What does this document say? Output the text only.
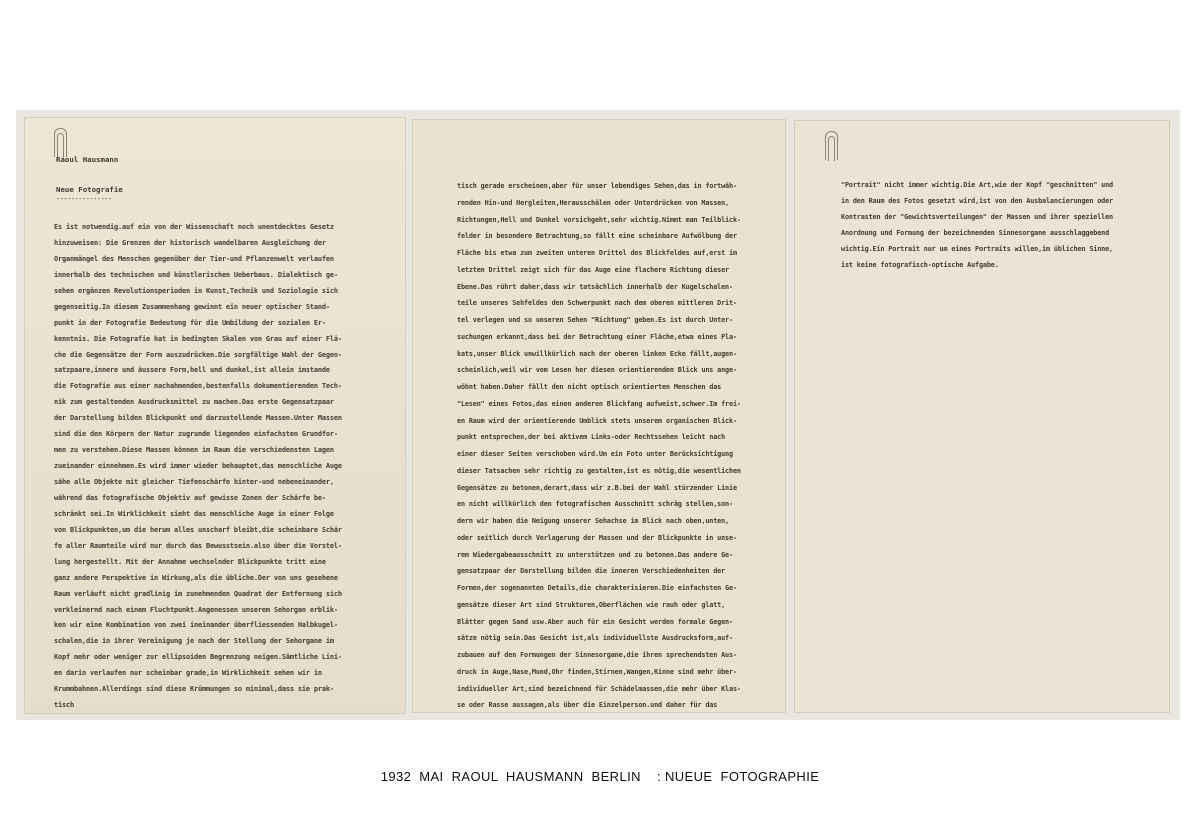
Raoul Hausmann
Neue Fotografie
---------------
Es ist notwendig.auf ein von der Wissenschaft noch unentdecktes Gesetz
hinzuweisen: Die Grenzen der historisch wandelbaren Ausgleichung der
Organmängel des Menschen gegenüber der Tier-und Pflanzenwelt verlaufen
innerhalb des technischen und künstlerischen Ueberbaus. Dialektisch ge-
sehen ergänzen Revolutionsperioden in Kunst,Technik und Soziologie sich
gegenseitig.In diesem Zusammenhang gewinnt ein neuer optischer Stand-
punkt in der Fotografie Bedeutung für die Umbildung der sozialen Er-
kenntnis. Die Fotografie hat in bedingten Skalen von Grau auf einer Flä-
che die Gegensätze der Form auszudrücken.Die sorgfältige Wahl der Gegen-
satzpaare,innere und äussere Form,hell und dunkel,ist allein imstande
die Fotografie aus einer nachahmenden,bestenfalls dokumentierenden Tech-
nik zum gestaltenden Ausdrucksmittel zu machen.Das erste Gegensatzpaar
der Darstellung bilden Blickpunkt und darzustellende Massen.Unter Massen
sind die den Körpern der Natur zugrunde liegenden einfachsten Grundfor-
men zu verstehen.Diese Massen können im Raum die verschiedensten Lagen
zueinander einnehmen.Es wird immer wieder behauptet,das menschliche Auge
sähe alle Objekte mit gleicher Tiefenschärfe hinter-und nebeneinander,
während das fotografische Objektiv auf gewisse Zonen der Schärfe be-
schränkt sei.In Wirklichkeit sieht das menschliche Auge in einer Folge
von Blickpunkten,um die herum alles unscharf bleibt,die scheinbare Schär
fe aller Raumteile wird nur durch das Bewusstsein.also über die Vorstel-
lung hergestellt. Mit der Annahme wechselnder Blickpunkte tritt eine
ganz andere Perspektive in Wirkung,als die übliche.Der von uns gesehene
Raum verläuft nicht gradlinig im zunehmenden Quadrat der Entfernung sich
verkleinernd nach einem Fluchtpunkt.Angenessen unserem Sehorgan erblik-
ken wir eine Kombination von zwei ineinander überfliessenden Halbkugel-
schalen,die in ihrer Vereinigung je nach der Stellung der Sehorgane im
Kopf mehr oder weniger zur ellipsoiden Begrenzung neigen.Sämtliche Lini-
en darin verlaufen nur scheinbar grade,in Wirklichkeit sehen wir in
Krummbahnen.Allerdings sind diese Krümmungen so minimal,dass sie prak-
tisch
tisch gerade erscheinen,aber für unser lebendiges Sehen,das in fortwäh-
renden Hin-und Hergleiten,Herausschälen oder Unterdrücken von Massen,
Richtungen,Hell und Dunkel vorsichgeht,sehr wichtig.Nimmt man Teilblick-
felder in besondere Betrachtung,so fällt eine scheinbare Aufwölbung der
Fläche bis etwa zum zweiten unteren Drittel des Blickfeldes auf,erst im
letzten Drittel zeigt sich für das Auge eine flachere Richtung dieser
Ebene.Das rührt daher,dass wir tatsächlich innerhalb der Kugelschalen-
teile unseres Sehfeldes den Schwerpunkt nach dem oberen mittleren Drit-
tel verlegen und so unseren Sehen "Richtung" geben.Es ist durch Unter-
suchungen erkannt,dass bei der Betrachtung einer Fläche,etwa eines Pla-
kats,unser Blick unwillkürlich nach der oberen linken Ecke fällt,augen-
scheinlich,weil wir vom Lesen her diesen orientierenden Blick uns ange-
wöhnt haben.Daher fällt den nicht optisch orientierten Menschen das
"Lesen" eines Fotos,das einen anderen Blickfang aufweist,schwer.Im frei-
en Raum wird der orientierende Umblick stets unserem organischen Blick-
punkt entsprechen,der bei aktivem Links-oder Rechtssehen leicht nach
einer dieser Seiten verschoben wird.Um ein Foto unter Berücksichtigung
dieser Tatsachen sehr richtig zu gestalten,ist es nötig,die wesentlichen
Gegensätze zu betonen,derart,dass wir z.B.bei der Wahl stürzender Linie
en nicht willkürlich den fotografischen Ausschnitt schräg stellen,son-
dern wir haben die Neigung unserer Sehachse im Blick nach oben,unten,
oder seitlich durch Verlagerung der Massen und der Blickpunkte in unse-
rem Wiedergabeausschnitt zu unterstützen und zu betonen.Das andere Ge-
gensatzpaar der Darstellung bilden die inneren Verschiedenheiten der
Formen,der sogenannten Details,die charakterisieren.Die einfachsten Ge-
gensätze dieser Art sind Strukturen,Oberflächen wie rauh oder glatt,
Blätter gegen Sand usw.Aber auch für ein Gesicht werden formale Gegen-
sätze nötig sein.Das Gesicht ist,als individuellste Ausdrucksform,auf-
zubauen auf den Formungen der Sinnesorgane,die ihren sprechendsten Aus-
druck in Auge,Nase,Mund,Ohr finden,Stirnen,Wangen,Kinne sind mehr über-
individueller Art,sind bezeichnend für Schädelmassen,die mehr über Klas-
se oder Rasse aussagen,als über die Einzelperson.und daher für das
"Portrait" nicht immer wichtig.Die Art,wie der Kopf "geschnitten" und
in den Raum des Fotos gesetzt wird,ist von den Ausbalancierungen oder
Kontrasten der "Gewichtsverteilungen" der Massen und ihrer speziellen
Anordnung und Formung der bezeichnenden Sinnesorgane ausschlaggebend
wichtig.Ein Portrait nur um eines Portraits willen,im üblichen Sinne,
ist keine fotografisch-optische Aufgabe.
1932  MAI  RAOUL  HAUSMANN  BERLIN    : NUEUE  FOTOGRAPHIE
